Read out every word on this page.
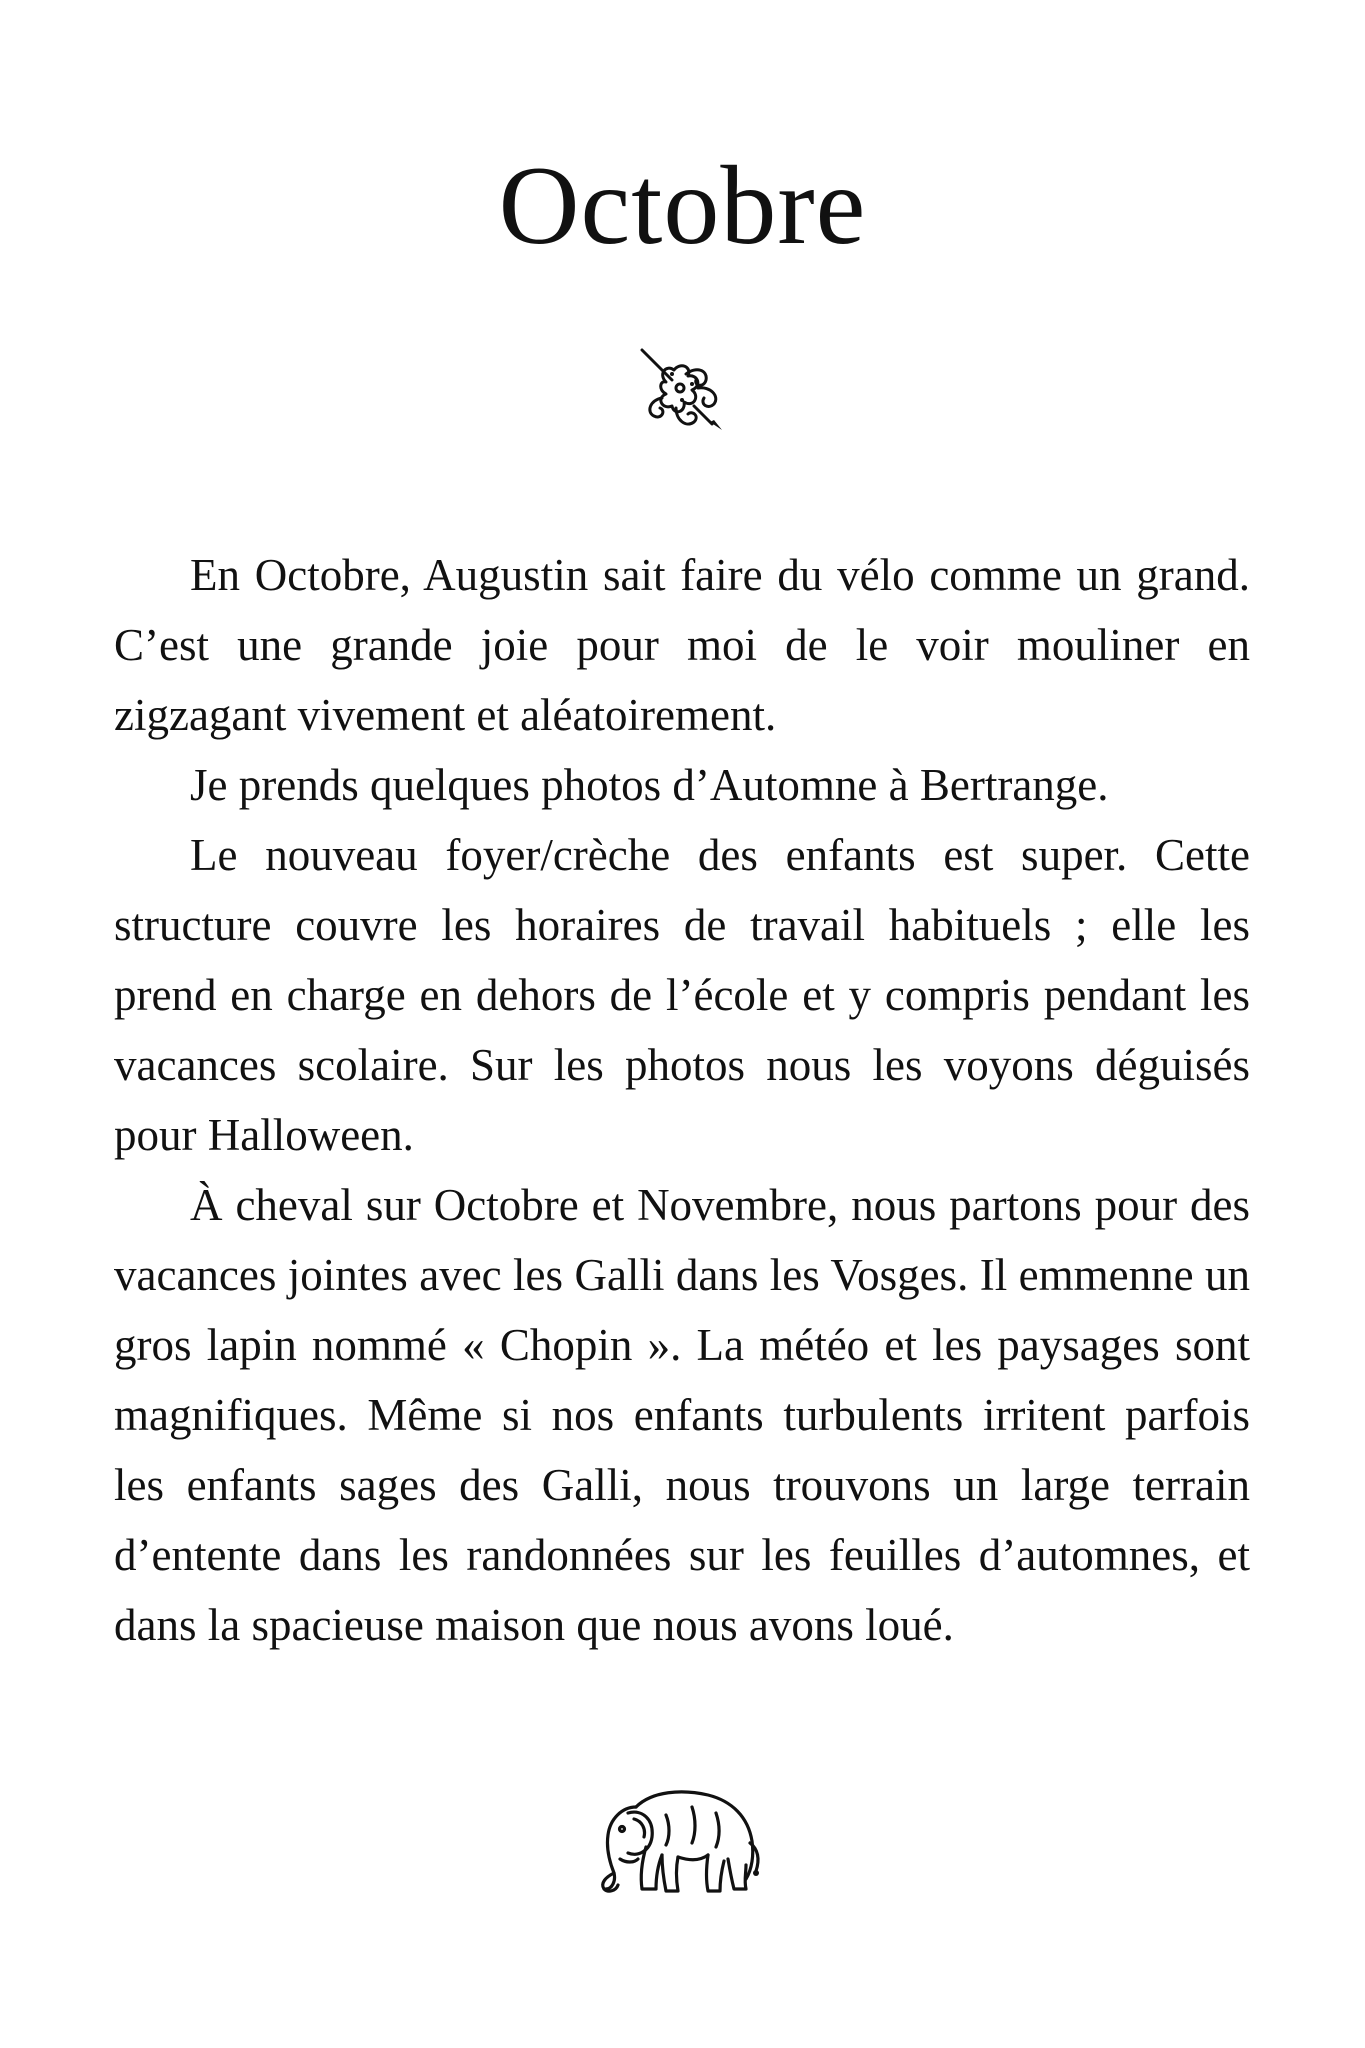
Octobre

En Octobre, Augustin sait faire du vélo comme un grand. C’est une grande joie pour moi de le voir mouliner en zigzagant vivement et aléatoirement.

Je prends quelques photos d’Automne à Bertrange.

Le nouveau foyer/crèche des enfants est super. Cette structure couvre les horaires de travail habituels ; elle les prend en charge en dehors de l’école et y compris pendant les vacances scolaire. Sur les photos nous les voyons déguisés pour Halloween.

À cheval sur Octobre et Novembre, nous partons pour des vacances jointes avec les Galli dans les Vosges. Il emmenne un gros lapin nommé « Chopin ». La météo et les paysages sont magnifiques. Même si nos enfants turbulents irritent parfois les enfants sages des Galli, nous trouvons un large terrain d’entente dans les randonnées sur les feuilles d’automnes, et dans la spacieuse maison que nous avons loué.
